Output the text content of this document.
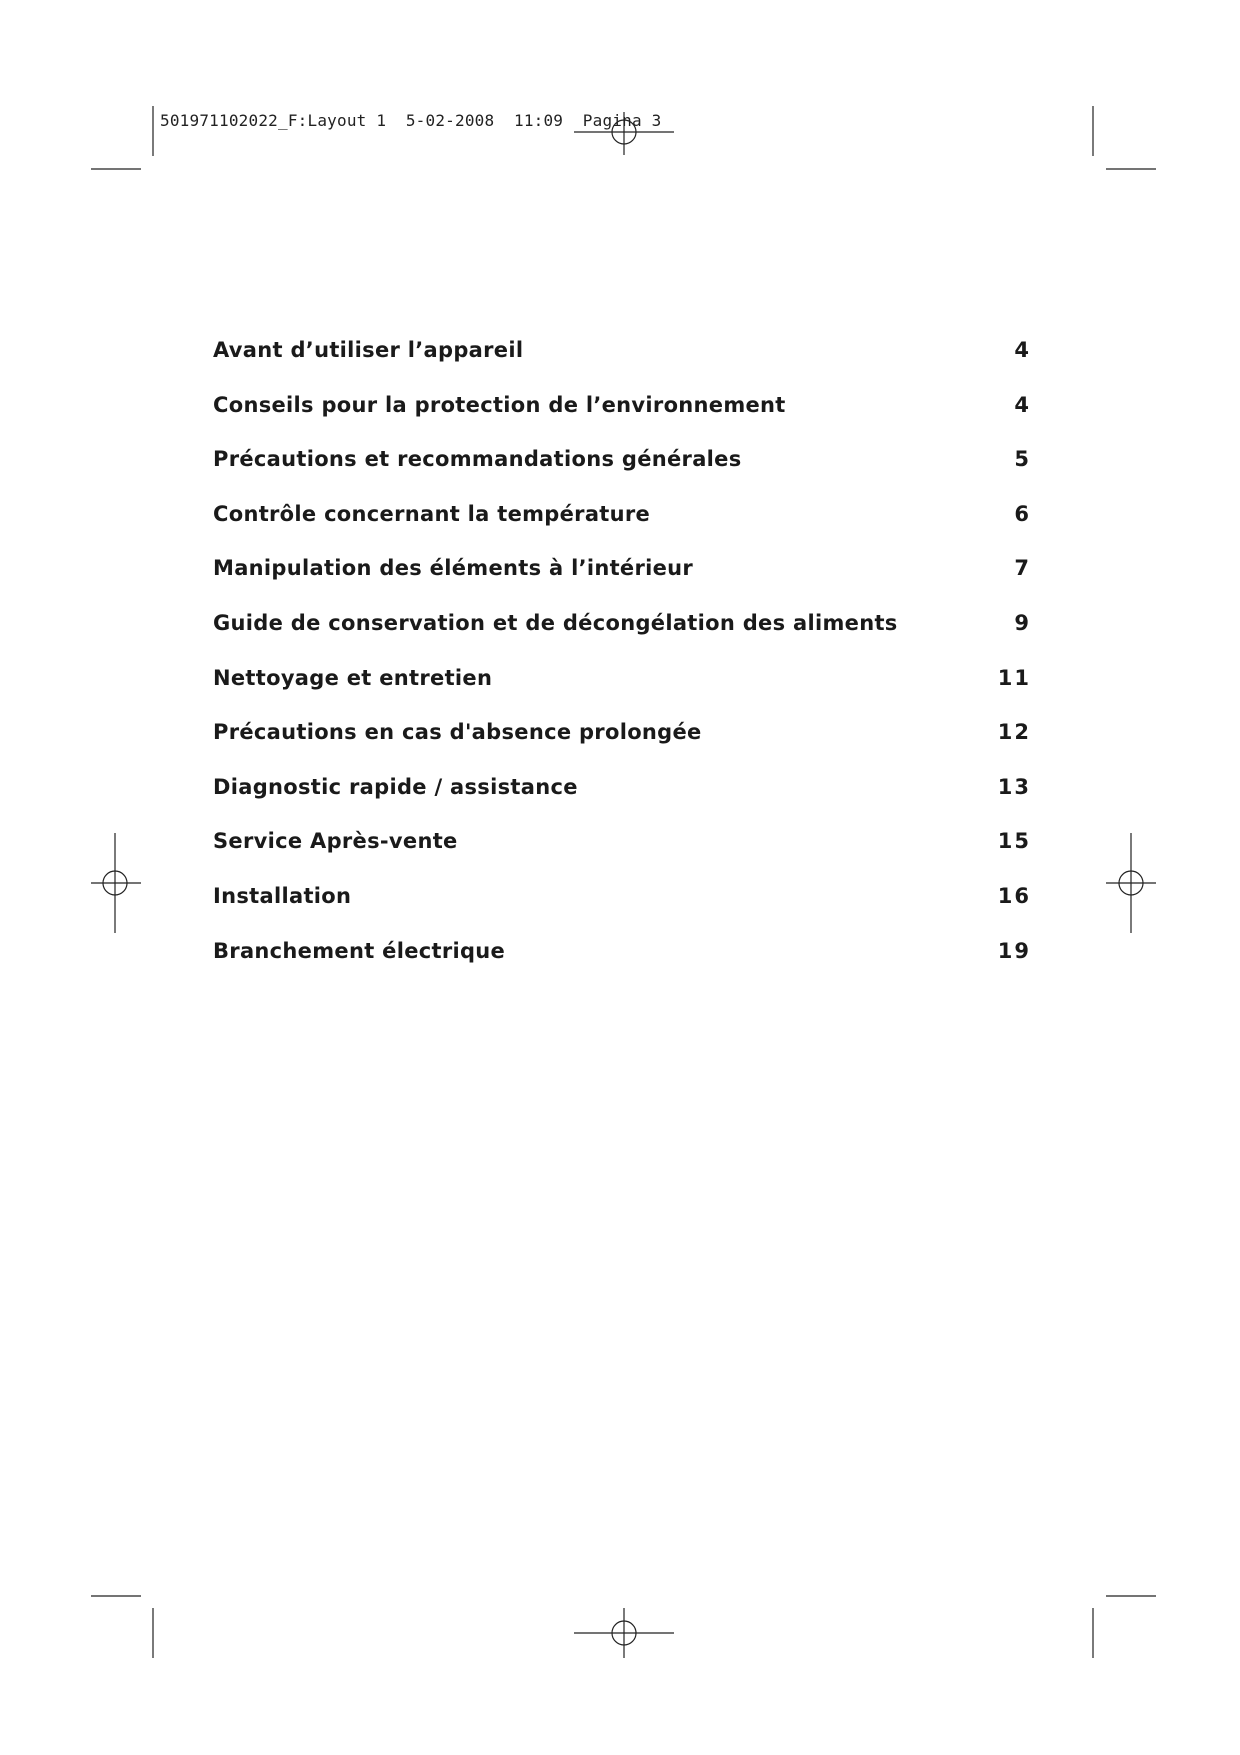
501971102022_F:Layout 1  5-02-2008  11:09  Pagina 3
Avant d’utiliser l’appareil	4
Conseils pour la protection de l’environnement	4
Précautions et recommandations générales	5
Contrôle concernant la température	6
Manipulation des éléments à l’intérieur	7
Guide de conservation et de décongélation des aliments	9
Nettoyage et entretien	11
Précautions en cas d'absence prolongée	12
Diagnostic rapide / assistance	13
Service Après-vente	15
Installation	16
Branchement électrique	19
